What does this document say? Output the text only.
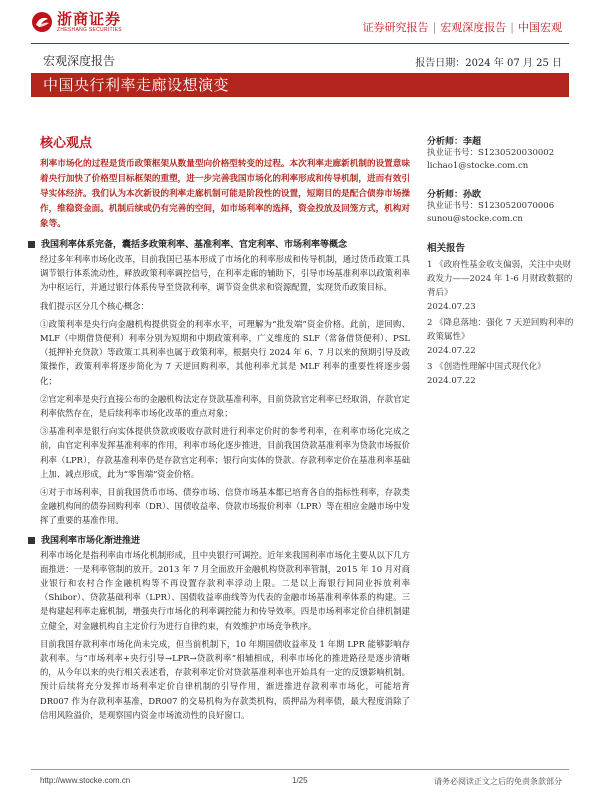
浙商证券
ZHESHANG SECURITIES	证券研究报告 | 宏观深度报告 | 中国宏观
宏观深度报告	报告日期：2024 年 07 月 25 日
中国央行利率走廊设想演变
核心观点
利率市场化的过程是货币政策框架从数量型向价格型转变的过程。本次利率走廊新机制的设置意味着央行加快了价格型目标框架的重塑，进一步完善我国市场化的利率形成和传导机制，进而有效引导实体经济。我们认为本次新设的利率走廊机制可能是阶段性的设置，短期目的是配合债券市场操作，维稳资金面。机制后续或仍有完善的空间，如市场利率的选择，资金投放及回笼方式，机构对象等。
我国利率体系完备，囊括多政策利率、基准利率、官定利率、市场利率等概念

经过多年利率市场化改革，目前我国已基本形成了市场化的利率形成和传导机制，通过货币政策工具调节银行体系流动性，释放政策利率调控信号，在利率走廊的辅助下，引导市场基准利率以政策利率为中枢运行，并通过银行体系传导至贷款利率，调节资金供求和资源配置，实现货币政策目标。

我们提示区分几个核心概念：

①政策利率是央行向金融机构提供资金的利率水平，可理解为“批发端”资金价格。此前，逆回购、MLF（中期借贷便利）利率分别为短期和中期政策利率，广义维度的 SLF（常备借贷便利）、PSL（抵押补充贷款）等政策工具利率也属于政策利率，根据央行 2024 年 6、7 月以来的预期引导及政策操作，政策利率将逐步简化为 7 天逆回购利率，其他利率尤其是 MLF 利率的重要性将逐步弱化；

②官定利率是央行直接公布的金融机构法定存贷款基准利率，目前贷款官定利率已经取消，存款官定利率依然存在，是后续利率市场化改革的重点对象；

③基准利率是银行向实体提供贷款或吸收存款时进行利率定价时的参考利率，在利率市场化完成之前，由官定利率发挥基准利率的作用，利率市场化逐步推进，目前我国贷款基准利率为贷款市场报价利率（LPR），存款基准利率仍是存款官定利率；银行向实体的贷款、存款利率定价在基准利率基础上加、减点形成，此为“零售端”资金价格。

④对于市场利率，目前我国货币市场、债券市场、信贷市场基本都已培育各自的指标性利率，存款类金融机构间的债券回购利率（DR）、国债收益率、贷款市场报价利率（LPR）等在相应金融市场中发挥了重要的基准作用。

我国利率市场化渐进推进

利率市场化是指利率由市场化机制形成，且中央银行可调控。近年来我国利率市场化主要从以下几方面推进：一是利率管制的放开。2013 年 7 月全面放开金融机构贷款利率管制，2015 年 10 月对商业银行和农村合作金融机构等不再设置存款利率浮动上限。二是以上海银行间同业拆放利率（Shibor）、贷款基础利率（LPR）、国债收益率曲线等为代表的金融市场基准利率体系的构建。三是构建起利率走廊机制，增强央行市场化的利率调控能力和传导效率。四是市场利率定价自律机制建立健全，对金融机构自主定价行为进行自律约束，有效维护市场竞争秩序。

目前我国存款利率市场化尚未完成，但当前机制下，10 年期国债收益率及 1 年期 LPR 能够影响存款利率。与“市场利率+央行引导→LPR→贷款利率”相辅相成，利率市场化的推进路径是逐步清晰的，从今年以来的央行相关表述看，存款利率定价对贷款基准利率也开始具有一定的反馈影响机制。预计后续将充分发挥市场利率定价自律机制的引导作用，渐进推进存款利率市场化，可能培育 DR007 作为存款利率基准，DR007 的交易机构为存款类机构，质押品为利率债，最大程度消除了信用风险溢价，是观察国内资金市场流动性的良好窗口。

分析师：李超
执业证书号：S1230520030002
lichao1@stocke.com.cn
分析师：孙欧
执业证书号：S1230520070006
sunou@stocke.com.cn
相关报告
1 《政府性基金收支偏弱，关注中央财政发力——2024 年 1-6 月财政数据的背后》
2024.07.23
2 《降息落地：强化 7 天逆回购利率的政策属性》
2024.07.22
3 《创造性理解中国式现代化》
2024.07.22
http://www.stocke.com.cn	1/25	请务必阅读正文之后的免责条款部分
